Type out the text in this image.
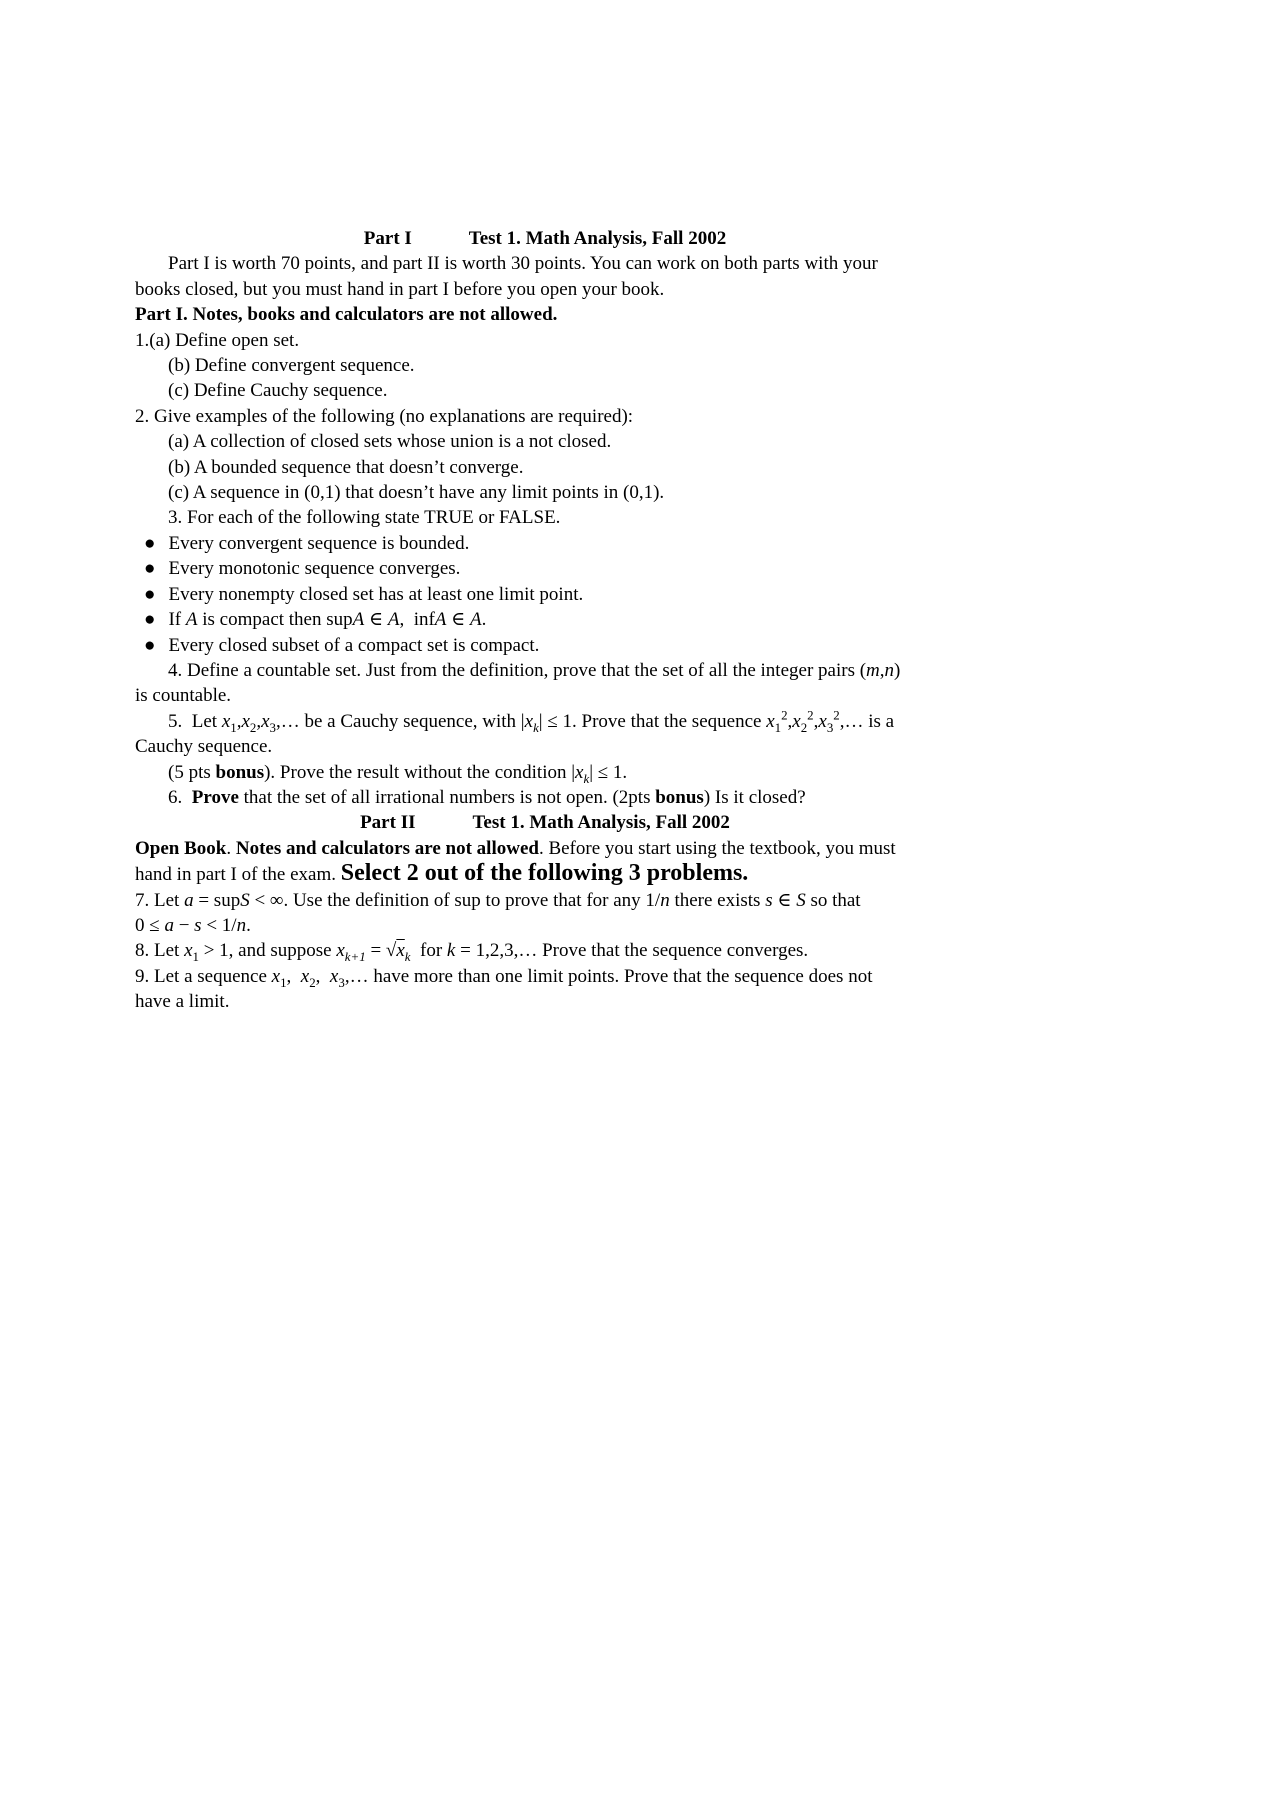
Part I   Test 1. Math Analysis, Fall 2002
Part I is worth 70 points, and part II is worth 30 points. You can work on both parts with your
books closed, but you must hand in part I before you open your book.
Part I. Notes, books and calculators are not allowed.
1.(a) Define open set.
(b) Define convergent sequence.
(c) Define Cauchy sequence.
2. Give examples of the following (no explanations are required):
(a) A collection of closed sets whose union is a not closed.
(b) A bounded sequence that doesn’t converge.
(c) A sequence in (0,1) that doesn’t have any limit points in (0,1).
3. For each of the following state TRUE or FALSE.
● Every convergent sequence is bounded.
● Every monotonic sequence converges.
● Every nonempty closed set has at least one limit point.
● If A is compact then supA ∈ A,  infA ∈ A.
● Every closed subset of a compact set is compact.
4. Define a countable set. Just from the definition, prove that the set of all the integer pairs (m,n)
is countable.
5.  Let $x_1,x_2,x_3,\dots$ be a Cauchy sequence, with $|x_k| \le 1$. Prove that the sequence $x_1^2,x_2^2,x_3^2,\dots$ is a
Cauchy sequence.
(5 pts bonus). Prove the result without the condition $|x_k| \le 1$.
6.  Prove that the set of all irrational numbers is not open. (2pts bonus) Is it closed?
Part II   Test 1. Math Analysis, Fall 2002
Open Book. Notes and calculators are not allowed. Before you start using the textbook, you must
hand in part I of the exam. Select 2 out of the following 3 problems.
7. Let a = supS < ∞. Use the definition of sup to prove that for any 1/n there exists s ∈ S so that
0 ≤ a − s < 1/n.
8. Let $x_1 > 1$, and suppose $x_{k+1} = √x_k$  for k = 1,2,3,… Prove that the sequence converges.
9. Let a sequence $x_1$,  $x_2$,  $x_3,\dots$ have more than one limit points. Prove that the sequence does not
have a limit.
